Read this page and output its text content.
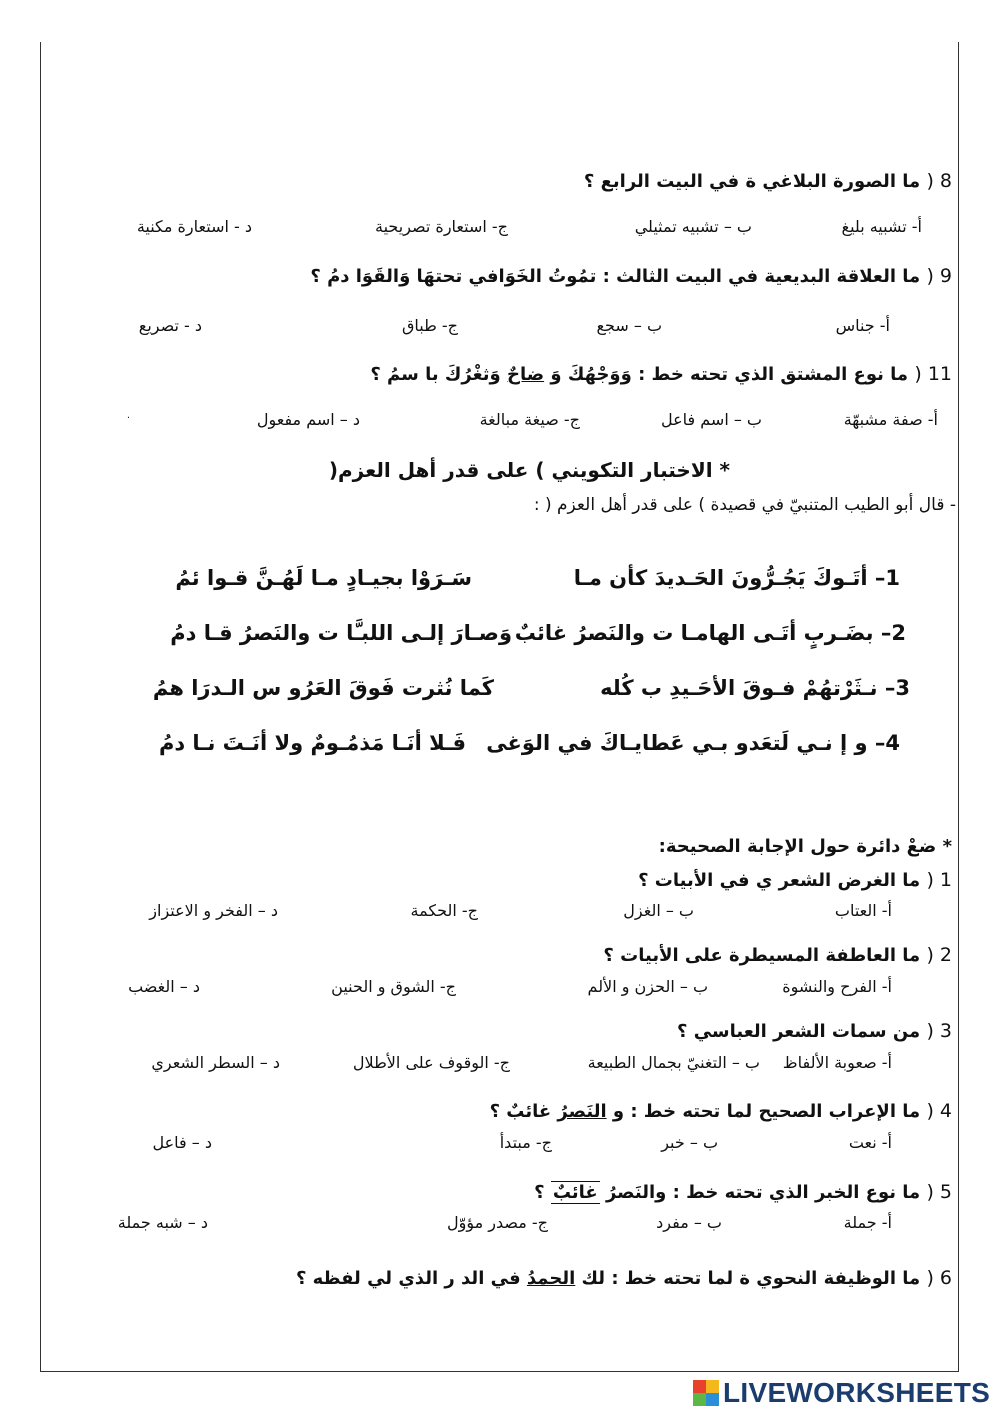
8 ( ما الصورة البلاغي ة في البيت الرابع ؟
أ- تشبيه بليغ
ب – تشبيه تمثيلي
ج- استعارة تصريحية
د - استعارة مكنية
9 ( ما العلاقة البديعية في البيت الثالث : تمُوتُ الخَوَافي تحتهَا وَالقَوَا دمُ ؟
أ- جناس
ب – سجع
ج- طباق
د - تصريع
11 ( ما نوع المشتق الذي تحته خط : وَوَجْهُكَ وَ ضاحٌ وَثغْرُكَ با سمُ ؟
أ- صفة مشبهّة
ب – اسم فاعل
ج- صيغة مبالغة
د – اسم مفعول
.
* الاختبار التكويني ) على قدر أهل العزم(
- قال أبو الطيب المتنبيّ في قصيدة ) على قدر أهل العزم ( :
1– أتَـوكَ يَجُـرُّونَ الحَـديدَ كأن مـا
سَـرَوْا بجيـادٍ مـا لَهُـنَّ قـوا ئمُ
2– بضَـربٍ أتَـى الهامـا ت والنَصرُ غائبٌ
وَصـارَ إلـى اللبـَّا ت والنَصرُ قـا دمُ
3– نـثَرْتهُمْ فـوقَ الأحَـيدِ ب كُله
كَما نُثرت فَوقَ العَرُو س الـدرَا همُ
4– و إ نـي لَتعَدو بـي عَطايـاكَ في الوَغى
فَـلا أنَـا مَذمُـومٌ ولا أنَـتَ نـا دمُ
* ضعْ دائرة حول الإجابة الصحيحة:
1 ( ما الغرض الشعر ي في الأبيات ؟
أ- العتاب
ب – الغزل
ج- الحكمة
د – الفخر و الاعتزاز
2 ( ما العاطفة المسيطرة على الأبيات ؟
أ- الفرح والنشوة
ب – الحزن و الألم
ج- الشوق و الحنين
د – الغضب
3 ( من سمات الشعر العباسي ؟
أ- صعوبة الألفاظ
ب – التغنيّ بجمال الطبيعة
ج- الوقوف على الأطلال
د – السطر الشعري
4 ( ما الإعراب الصحيح لما تحته خط : و النَصرُ غائبٌ ؟
أ- نعت
ب – خبر
ج- مبتدأ
د – فاعل
5 ( ما نوع الخبر الذي تحته خط : والنَصرُ غائبٌ ؟
أ- جملة
ب – مفرد
ج- مصدر مؤوّل
د – شبه جملة
6 ( ما الوظيفة النحوي ة لما تحته خط : لك الحمدُ في الد ر الذي لي لفظه ؟
LIVEWORKSHEETS
